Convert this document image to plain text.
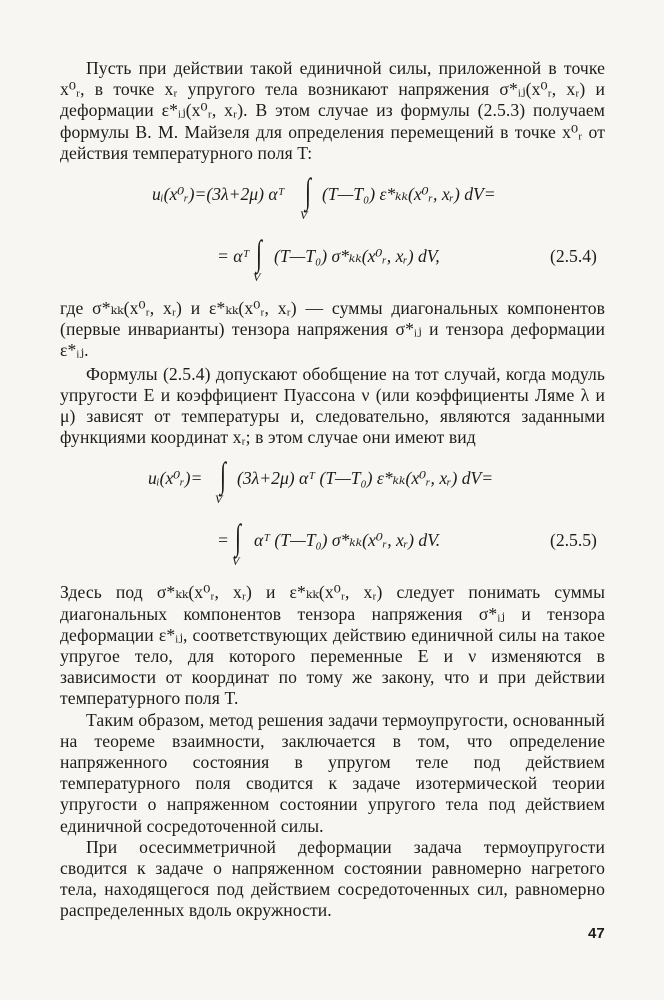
Пусть при действии такой единичной силы, приложенной в точке x⁰ᵣ, в точке xᵣ упругого тела возникают напряжения σ*ᵢⱼ(x⁰ᵣ, xᵣ) и деформации ε*ᵢⱼ(x⁰ᵣ, xᵣ). В этом случае из формулы (2.5.3) получаем формулы В. М. Майзеля для определения перемещений в точке x⁰ᵣ от действия температурного поля T:

uᵢ(x⁰ᵣ)=(3λ+2μ) αᵀ ∫
V
(T—T₀) ε*ₖₖ(x⁰ᵣ, xᵣ) dV=
= αᵀ ∫
V
(T—T₀) σ*ₖₖ(x⁰ᵣ, xᵣ) dV,	(2.5.4)

где σ*ₖₖ(x⁰ᵣ, xᵣ) и ε*ₖₖ(x⁰ᵣ, xᵣ) — суммы диагональных компонентов (первые инварианты) тензора напряжения σ*ᵢⱼ и тензора деформации ε*ᵢⱼ.

Формулы (2.5.4) допускают обобщение на тот случай, когда модуль упругости E и коэффициент Пуассона ν (или коэффициенты Ляме λ и μ) зависят от температуры и, следовательно, являются заданными функциями координат xᵣ; в этом случае они имеют вид

uᵢ(x⁰ᵣ)= ∫
V
(3λ+2μ) αᵀ (T—T₀) ε*ₖₖ(x⁰ᵣ, xᵣ) dV=
= ∫
V
αᵀ (T—T₀) σ*ₖₖ(x⁰ᵣ, xᵣ) dV.	(2.5.5)

Здесь под σ*ₖₖ(x⁰ᵣ, xᵣ) и ε*ₖₖ(x⁰ᵣ, xᵣ) следует понимать суммы диагональных компонентов тензора напряжения σ*ᵢⱼ и тензора деформации ε*ᵢⱼ, соответствующих действию единичной силы на такое упругое тело, для которого переменные E и ν изменяются в зависимости от координат по тому же закону, что и при действии температурного поля T.

Таким образом, метод решения задачи термоупругости, основанный на теореме взаимности, заключается в том, что определение напряженного состояния в упругом теле под действием температурного поля сводится к задаче изотермической теории упругости о напряженном состоянии упругого тела под действием единичной сосредоточенной силы.

При осесимметричной деформации задача термоупругости сводится к задаче о напряженном состоянии равномерно нагретого тела, находящегося под действием сосредоточенных сил, равномерно распределенных вдоль окружности.

47
